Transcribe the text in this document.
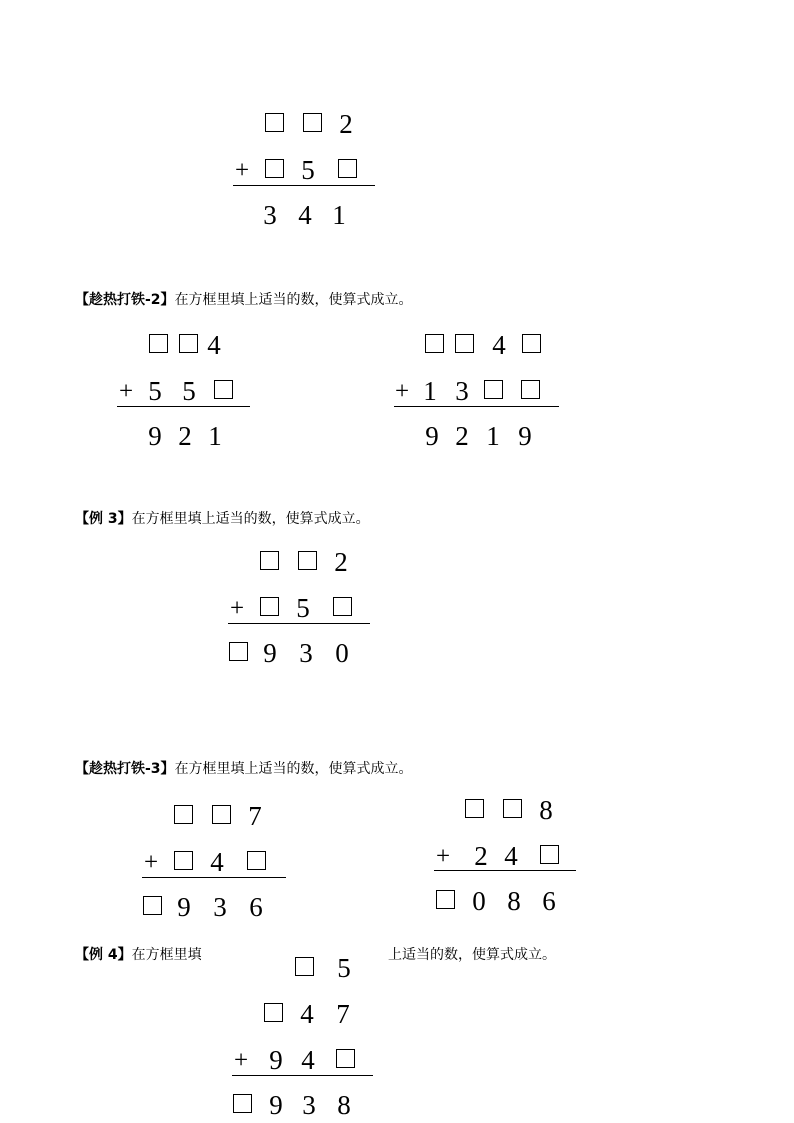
【趁热打铁-2】在方框里填上适当的数，使算式成立。
【例 3】在方框里填上适当的数，使算式成立。
【趁热打铁-3】在方框里填上适当的数，使算式成立。
【例 4】在方框里填	上适当的数，使算式成立。
2
+ 5
3 4 1
4
+ 5 5
9 2 1
4
+ 1 3
9 2 1 9
2
+ 5
9 3 0
7
+ 4
9 3 6
8
+ 2 4
0 8 6
5
4 7
+ 9 4
9 3 8
